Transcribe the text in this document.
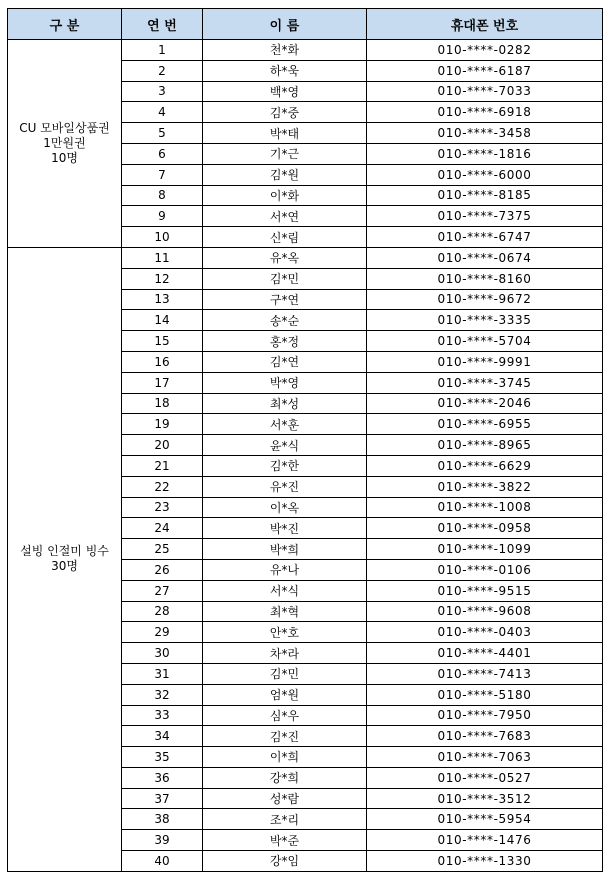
구 분	연 번	이 름	휴대폰 번호

CU 모바일상품권
1만원권
10명	1	천*화	010-****-0282
	2	하*욱	010-****-6187
	3	백*영	010-****-7033
	4	김*중	010-****-6918
	5	박*태	010-****-3458
	6	기*근	010-****-1816
	7	김*원	010-****-6000
	8	이*화	010-****-8185
	9	서*연	010-****-7375
	10	신*림	010-****-6747

설빙 인절미 빙수
30명	11	유*옥	010-****-0674
	12	김*민	010-****-8160
	13	구*연	010-****-9672
	14	송*순	010-****-3335
	15	홍*정	010-****-5704
	16	김*연	010-****-9991
	17	박*영	010-****-3745
	18	최*성	010-****-2046
	19	서*훈	010-****-6955
	20	윤*식	010-****-8965
	21	김*한	010-****-6629
	22	유*진	010-****-3822
	23	이*옥	010-****-1008
	24	박*진	010-****-0958
	25	박*희	010-****-1099
	26	유*나	010-****-0106
	27	서*식	010-****-9515
	28	최*혁	010-****-9608
	29	안*호	010-****-0403
	30	차*라	010-****-4401
	31	김*민	010-****-7413
	32	엄*원	010-****-5180
	33	심*우	010-****-7950
	34	김*진	010-****-7683
	35	이*희	010-****-7063
	36	강*희	010-****-0527
	37	성*람	010-****-3512
	38	조*리	010-****-5954
	39	박*준	010-****-1476
	40	강*임	010-****-1330
